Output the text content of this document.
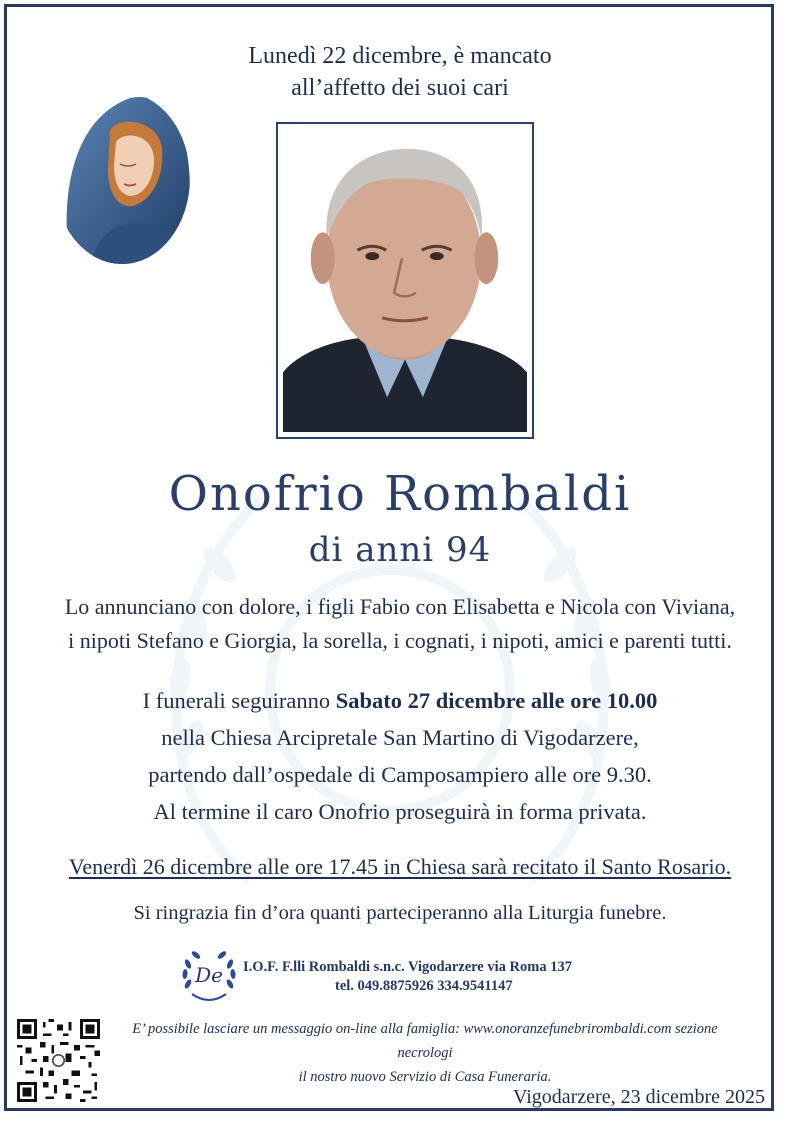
Lunedì 22 dicembre, è mancato
all’affetto dei suoi cari
Onofrio Rombaldi
di anni 94
Lo annunciano con dolore, i figli Fabio con Elisabetta e Nicola con Viviana,
i nipoti Stefano e Giorgia, la sorella, i cognati, i nipoti, amici e parenti tutti.
I funerali seguiranno Sabato 27 dicembre alle ore 10.00
nella Chiesa Arcipretale San Martino di Vigodarzere,
partendo dall’ospedale di Camposampiero alle ore 9.30.
Al termine il caro Onofrio proseguirà in forma privata.
Venerdì 26 dicembre alle ore 17.45 in Chiesa sarà recitato il Santo Rosario.
Si ringrazia fin d’ora quanti parteciperanno alla Liturgia funebre.
De I.O.F. F.lli Rombaldi s.n.c. Vigodarzere via Roma 137
tel. 049.8875926 334.9541147
E’ possibile lasciare un messaggio on-line alla famiglia: www.onoranzefunebrirombaldi.com sezione necrologi
il nostro nuovo Servizio di Casa Funeraria.
Vigodarzere, 23 dicembre 2025
